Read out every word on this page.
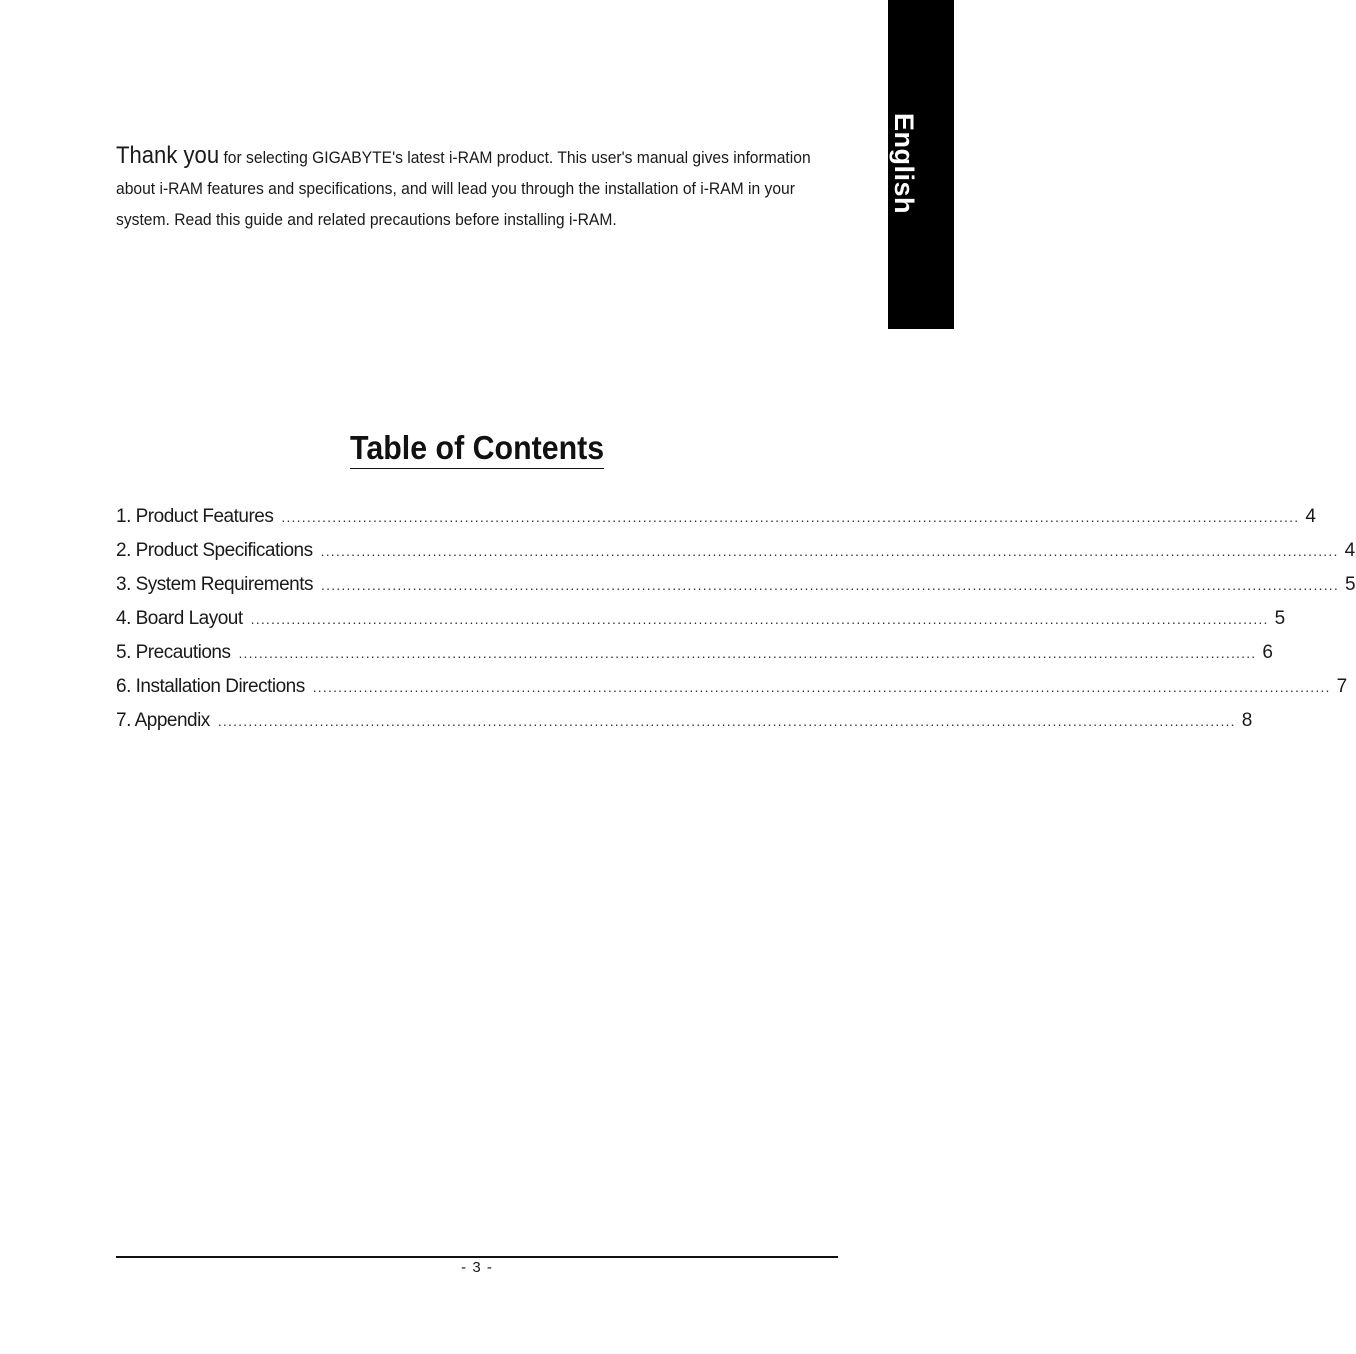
English

Thank you for selecting GIGABYTE's latest i-RAM product. This user's manual gives information about i-RAM features and specifications, and will lead you through the installation of i-RAM in your system. Read this guide and related precautions before installing i-RAM.

Table of Contents
1. Product Features ........................................................................................................................................................................................................ 4
2. Product Specifications ........................................................................................................................................................................................................ 4
3. System Requirements ........................................................................................................................................................................................................ 5
4. Board Layout ........................................................................................................................................................................................................ 5
5. Precautions ........................................................................................................................................................................................................ 6
6. Installation Directions ........................................................................................................................................................................................................ 7
7. Appendix ........................................................................................................................................................................................................ 8
- 3 -
